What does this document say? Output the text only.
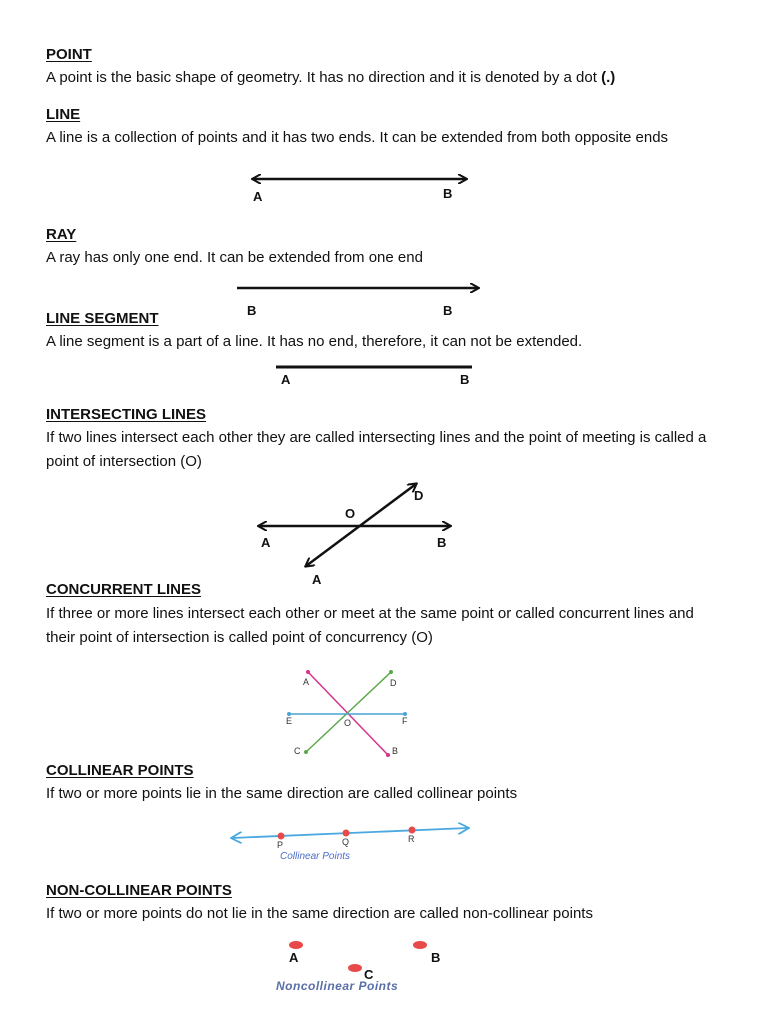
POINT

A point is the basic shape of geometry. It has no direction and it is denoted by a dot (.)

LINE

A line is a collection of points and it has two ends. It can be extended from both opposite ends

RAY

A ray has only one end. It can be extended from one end

LINE SEGMENT

A line segment is a part of a line. It has no end, therefore, it can not be extended.

INTERSECTING LINES

If two lines intersect each other they are called intersecting lines and the point of meeting is called a point of intersection (O)

CONCURRENT LINES

If three or more lines intersect each other or meet at the same point or called concurrent lines and their point of intersection is called point of concurrency (O)

COLLINEAR POINTS

If two or more points lie in the same direction are called collinear points

NON-COLLINEAR POINTS

If two or more points do not lie in the same direction are called non-collinear points

A	B
B	B
A	B
O
D
A	B
A
A	D
E	O	F
C	B
P	Q	R
Collinear Points
A	B
C
Noncollinear Points
